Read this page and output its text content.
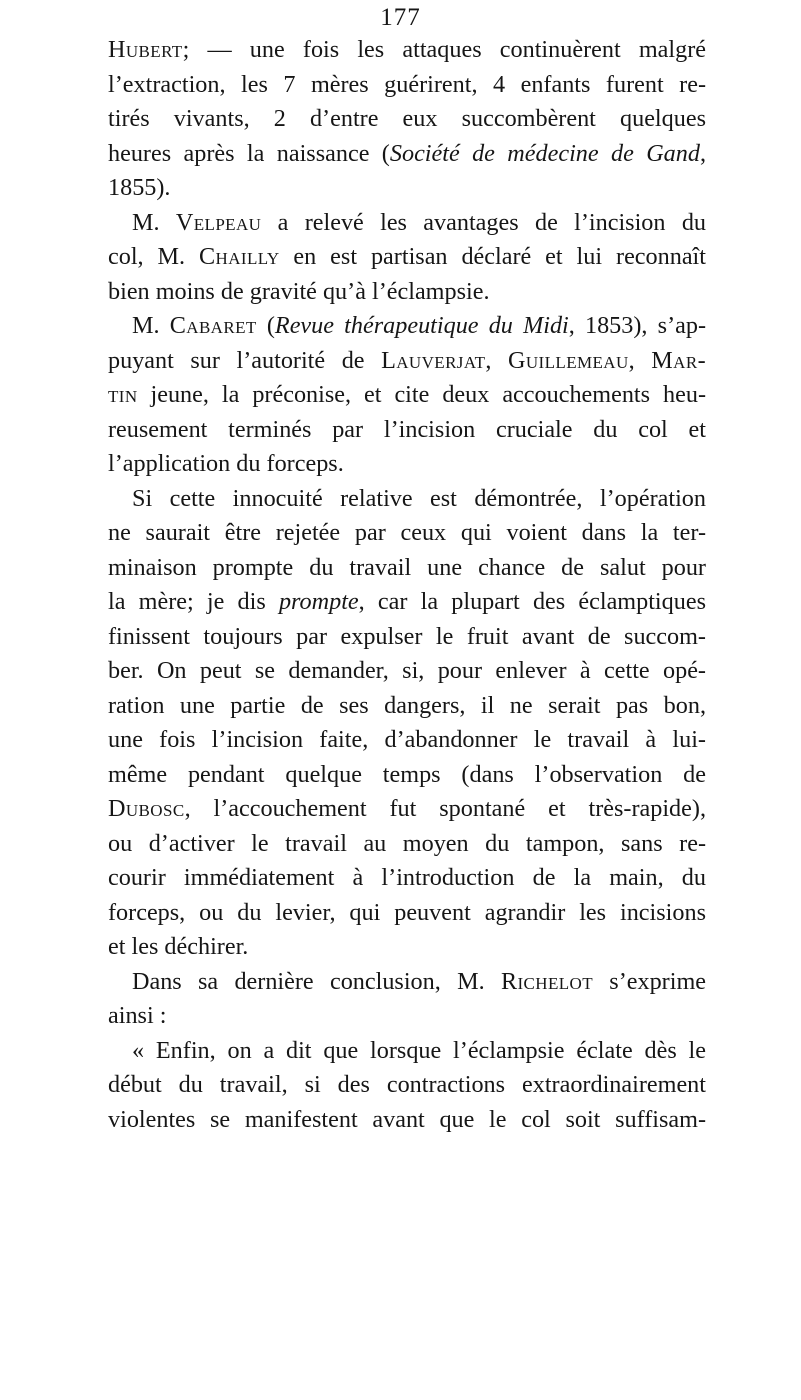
177
Hubert; — une fois les attaques continuèrent malgré
l’extraction, les 7 mères guérirent, 4 enfants furent re-
tirés vivants, 2 d’entre eux succombèrent quelques
heures après la naissance (Société de médecine de Gand,
1855).
M. Velpeau a relevé les avantages de l’incision du
col, M. Chailly en est partisan déclaré et lui reconnaît
bien moins de gravité qu’à l’éclampsie.
M. Cabaret (Revue thérapeutique du Midi, 1853), s’ap-
puyant sur l’autorité de Lauverjat, Guillemeau, Mar-
tin jeune, la préconise, et cite deux accouchements heu-
reusement terminés par l’incision cruciale du col et
l’application du forceps.
Si cette innocuité relative est démontrée, l’opération
ne saurait être rejetée par ceux qui voient dans la ter-
minaison prompte du travail une chance de salut pour
la mère; je dis prompte, car la plupart des éclamptiques
finissent toujours par expulser le fruit avant de succom-
ber. On peut se demander, si, pour enlever à cette opé-
ration une partie de ses dangers, il ne serait pas bon,
une fois l’incision faite, d’abandonner le travail à lui-
même pendant quelque temps (dans l’observation de
Dubosc, l’accouchement fut spontané et très-rapide),
ou d’activer le travail au moyen du tampon, sans re-
courir immédiatement à l’introduction de la main, du
forceps, ou du levier, qui peuvent agrandir les incisions
et les déchirer.
Dans sa dernière conclusion, M. Richelot s’exprime
ainsi :
« Enfin, on a dit que lorsque l’éclampsie éclate dès le
début du travail, si des contractions extraordinairement
violentes se manifestent avant que le col soit suffisam-
